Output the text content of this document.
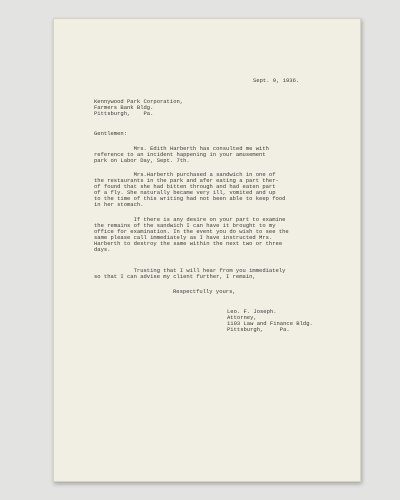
Sept. 9, 1936.
Kennywood Park Corporation,
Farmers Bank Bldg.
Pittsburgh,    Pa.
Gentlemen:
Mrs. Edith Harberth has consulted me with
reference to an incident happening in your amusement
park on Labor Day, Sept. 7th.
Mrs.Harberth purchased a sandwich in one of
the restaurants in the park and afer eating a part ther-
of found that she had bitten through and had eaten part
of a fly. She naturally became very ill, vomited and up
to the time of this writing had not been able to keep food
in her stomach.
If there is any desire on your part to examine
the remains of the sandwich I can have it brought to my
office for examination. In the event you do wish to see the
same please call immediately as I have instructed Mrs.
Harberth to destroy the same within the next two or three
days.
Trusting that I will hear from you immediately
so that I can advise my client further, I remain,
Respectfully yours,
Leo. F. Joseph.
Attorney,
1103 Law and Finance Bldg.
Pittsburgh,     Pa.
